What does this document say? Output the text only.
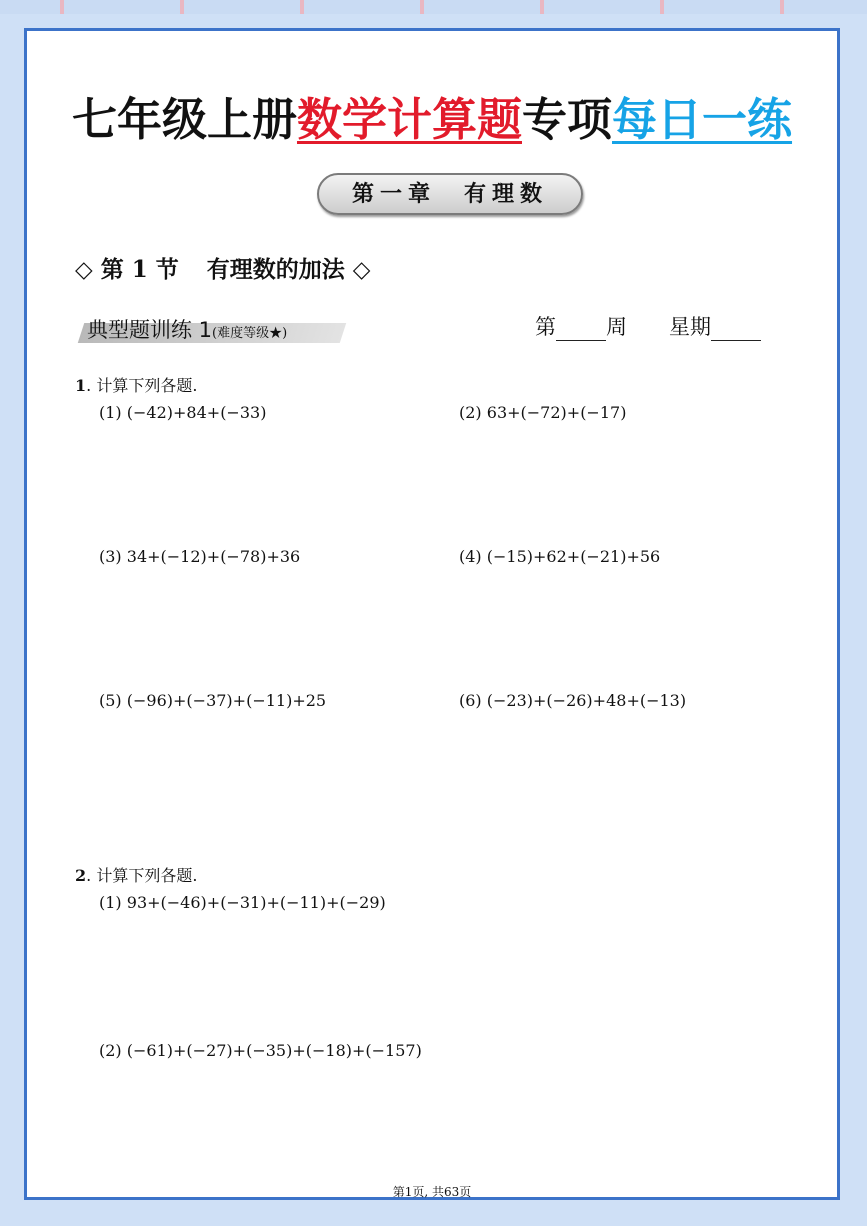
七年级上册数学计算题专项每日一练
第一章　有理数
◇ 第 1 节 有理数的加法 ◇
典型题训练 1(难度等级★)	第 周 星期
1. 计算下列各题.
(1) (−42)+84+(−33)	(2) 63+(−72)+(−17)
(3) 34+(−12)+(−78)+36	(4) (−15)+62+(−21)+56
(5) (−96)+(−37)+(−11)+25	(6) (−23)+(−26)+48+(−13)
2. 计算下列各题.
(1) 93+(−46)+(−31)+(−11)+(−29)
(2) (−61)+(−27)+(−35)+(−18)+(−157)
第1页, 共63页
